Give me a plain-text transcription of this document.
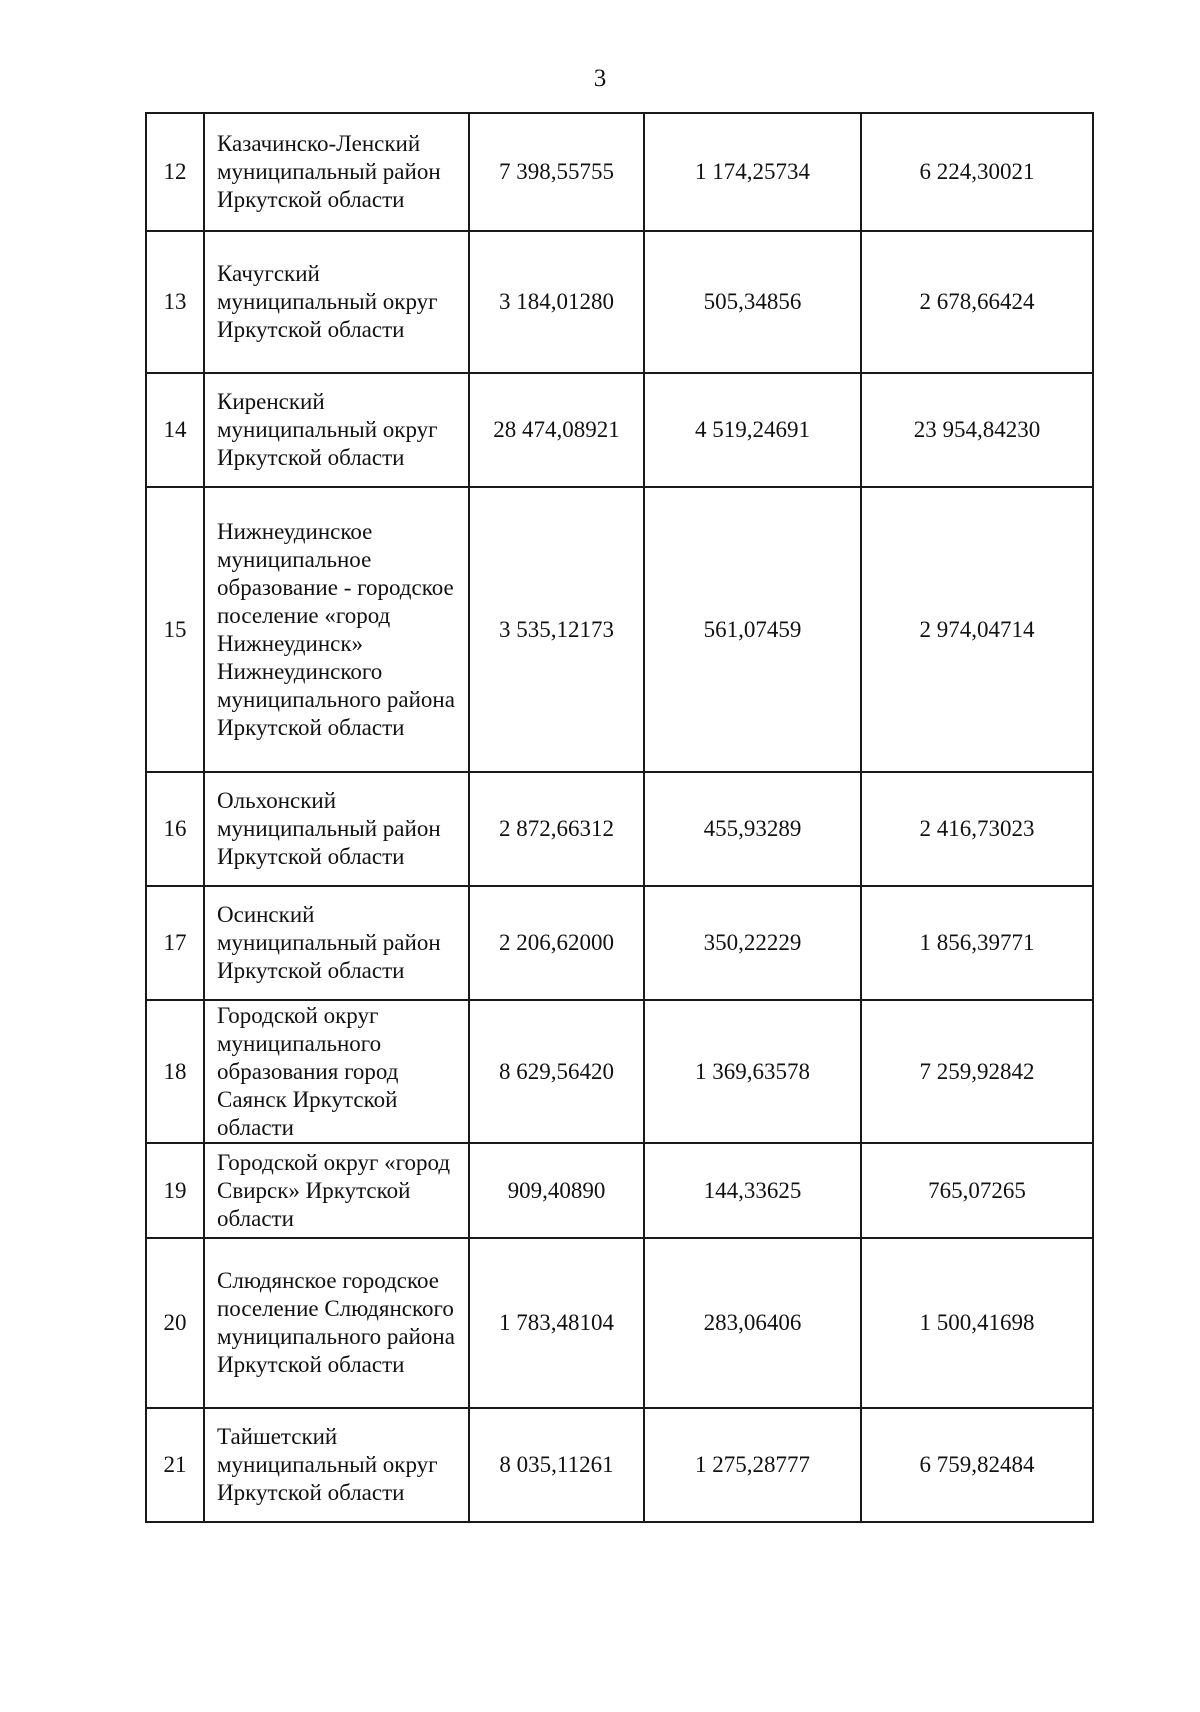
3
12	Казачинско-Ленский муниципальный район Иркутской области	7 398,55755	1 174,25734	6 224,30021
13	Качугский муниципальный округ Иркутской области	3 184,01280	505,34856	2 678,66424
14	Киренский муниципальный округ Иркутской области	28 474,08921	4 519,24691	23 954,84230
15	Нижнеудинское муниципальное образование - городское поселение «город Нижнеудинск» Нижнеудинского муниципального района Иркутской области	3 535,12173	561,07459	2 974,04714
16	Ольхонский муниципальный район Иркутской области	2 872,66312	455,93289	2 416,73023
17	Осинский муниципальный район Иркутской области	2 206,62000	350,22229	1 856,39771
18	Городской округ муниципального образования город Саянск Иркутской области	8 629,56420	1 369,63578	7 259,92842
19	Городской округ «город Свирск» Иркутской области	909,40890	144,33625	765,07265
20	Слюдянское городское поселение Слюдянского муниципального района Иркутской области	1 783,48104	283,06406	1 500,41698
21	Тайшетский муниципальный округ Иркутской области	8 035,11261	1 275,28777	6 759,82484
